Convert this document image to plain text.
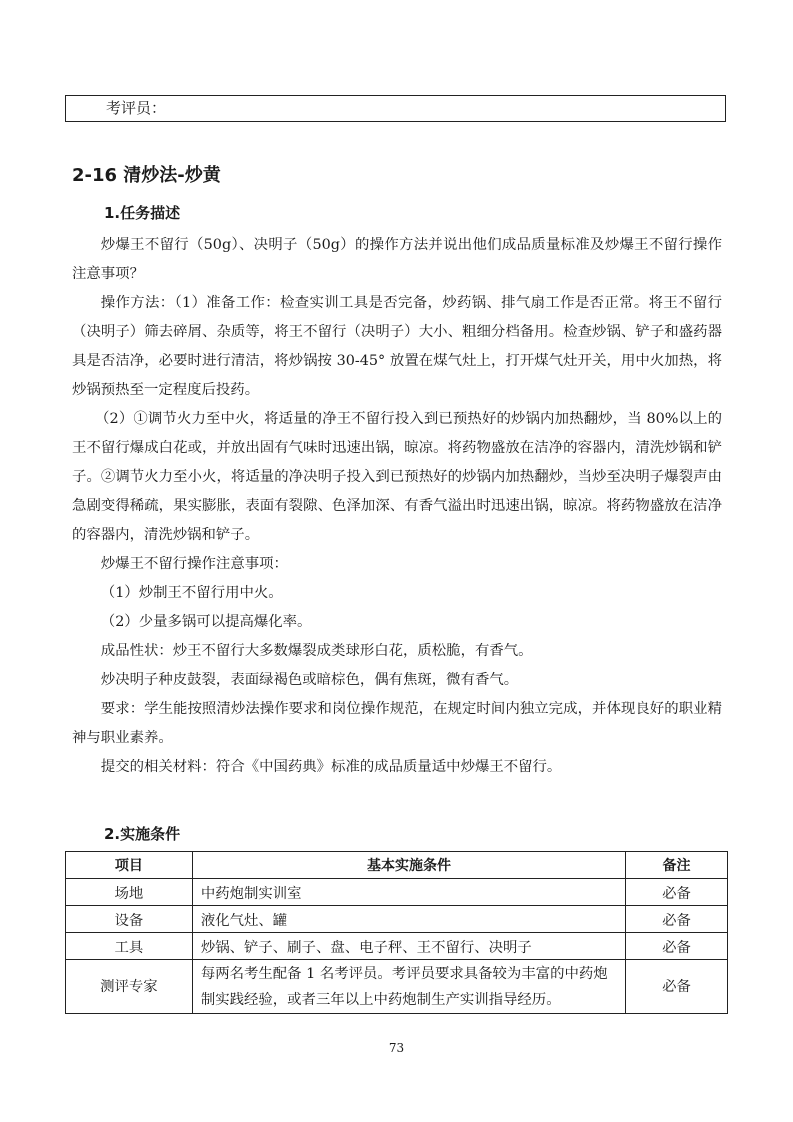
考评员：
2-16 清炒法-炒黄
1.任务描述

炒爆王不留行（50g）、决明子（50g）的操作方法并说出他们成品质量标准及炒爆王不留行操作注意事项？

操作方法：（1）准备工作：检查实训工具是否完备，炒药锅、排气扇工作是否正常。将王不留行（决明子）筛去碎屑、杂质等，将王不留行（决明子）大小、粗细分档备用。检查炒锅、铲子和盛药器具是否洁净，必要时进行清洁，将炒锅按 30-45° 放置在煤气灶上，打开煤气灶开关，用中火加热，将炒锅预热至一定程度后投药。

（2）①调节火力至中火，将适量的净王不留行投入到已预热好的炒锅内加热翻炒，当 80%以上的王不留行爆成白花或，并放出固有气味时迅速出锅，晾凉。将药物盛放在洁净的容器内，清洗炒锅和铲子。②调节火力至小火，将适量的净决明子投入到已预热好的炒锅内加热翻炒，当炒至决明子爆裂声由急剧变得稀疏，果实膨胀，表面有裂隙、色泽加深、有香气溢出时迅速出锅，晾凉。将药物盛放在洁净的容器内，清洗炒锅和铲子。

炒爆王不留行操作注意事项：

（1）炒制王不留行用中火。

（2）少量多锅可以提高爆化率。

成品性状：炒王不留行大多数爆裂成类球形白花，质松脆，有香气。

炒决明子种皮鼓裂，表面绿褐色或暗棕色，偶有焦斑，微有香气。

要求：学生能按照清炒法操作要求和岗位操作规范，在规定时间内独立完成，并体现良好的职业精神与职业素养。

提交的相关材料：符合《中国药典》标准的成品质量适中炒爆王不留行。

2.实施条件
项目	基本实施条件	备注
场地	中药炮制实训室	必备
设备	液化气灶、罐	必备
工具	炒锅、铲子、刷子、盘、电子秤、王不留行、决明子	必备
测评专家	每两名考生配备 1 名考评员。考评员要求具备较为丰富的中药炮制实践经验，或者三年以上中药炮制生产实训指导经历。	必备
73
